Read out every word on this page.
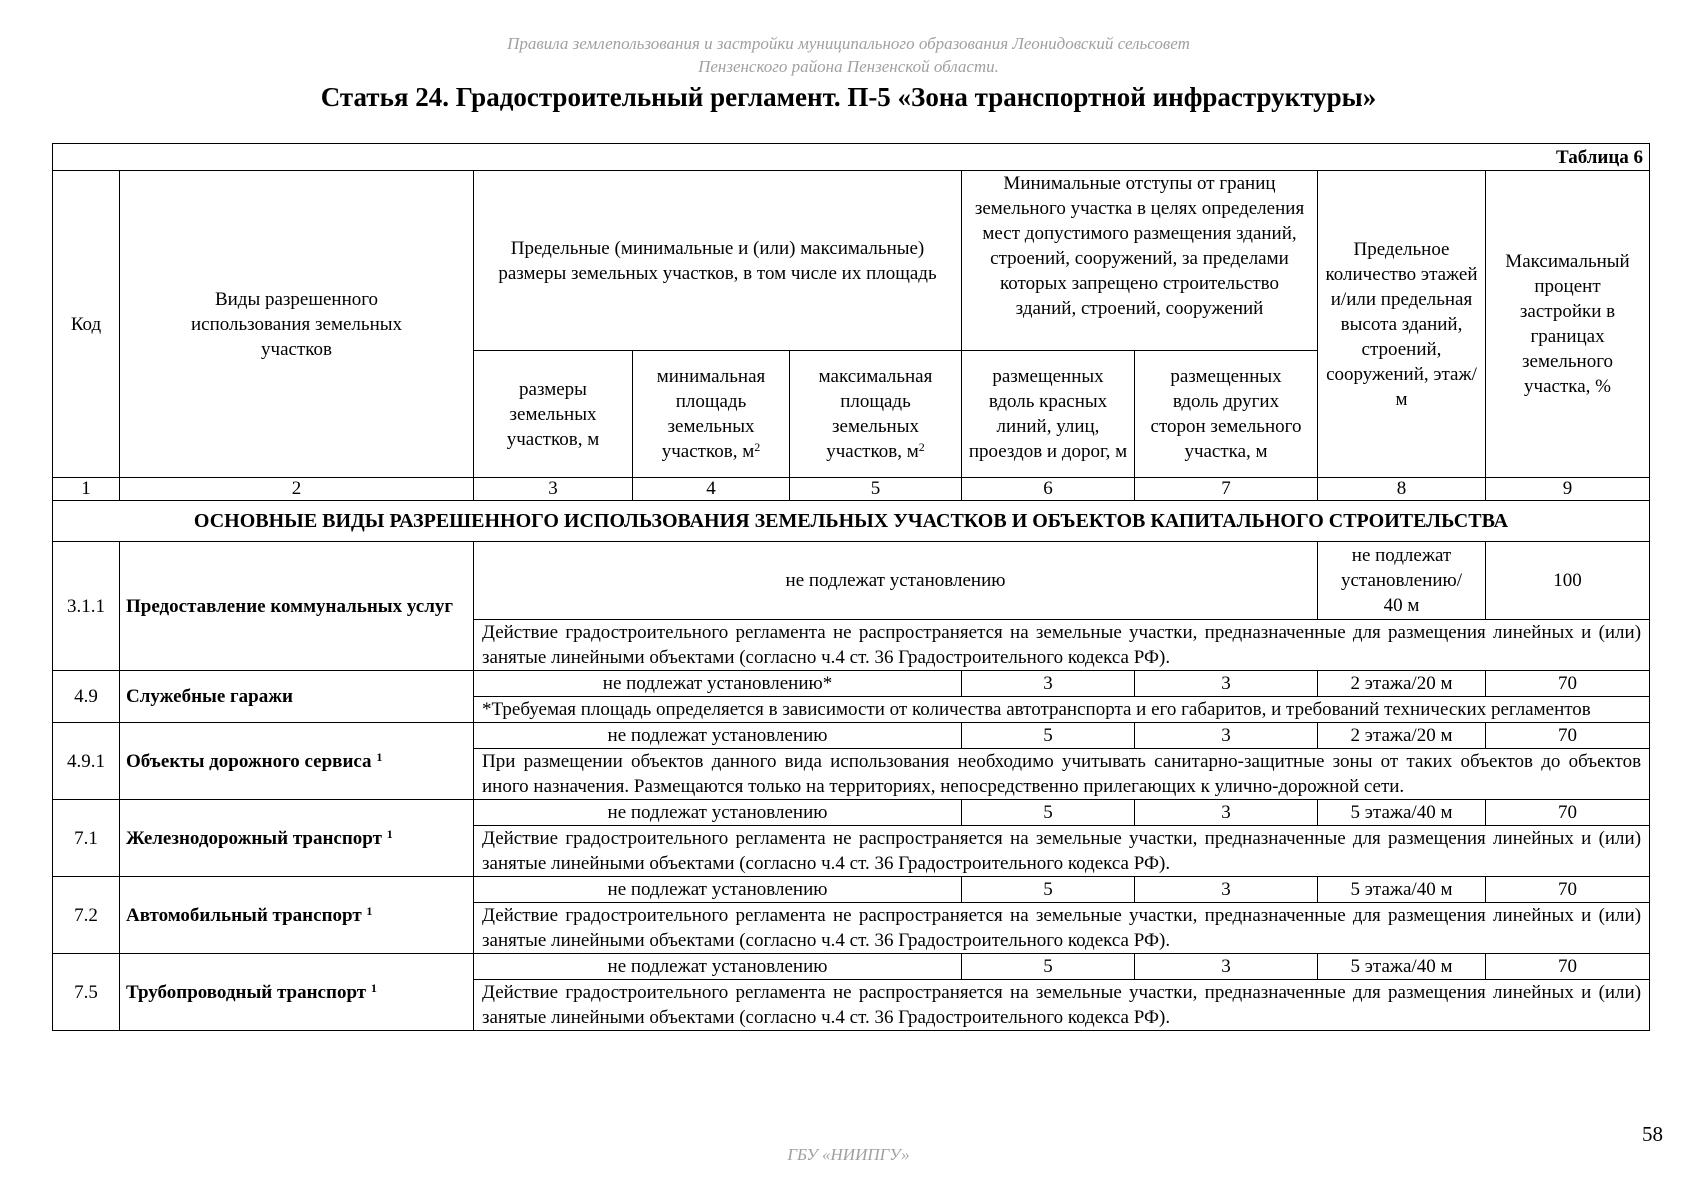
Правила землепользования и застройки муниципального образования Леонидовский сельсовет
Пензенского района Пензенской области.
Статья 24. Градостроительный регламент. П-5 «Зона транспортной инфраструктуры»
Таблица 6								
Код	Виды разрешенного использования земельных участков	Предельные (минимальные и (или) максимальные) размеры земельных участков, в том числе их площадь			Минимальные отступы от границ земельного участка в целях определения мест допустимого размещения зданий, строений, сооружений, за пределами которых запрещено строительство зданий, строений, сооружений		Предельное количество этажей и/или предельная высота зданий, строений, сооружений, этаж/м	Максимальный процент застройки в границах земельного участка, %
		размеры земельных участков, м	минимальная площадь земельных участков, $м^2$	максимальная площадь земельных участков, $м^2$	размещенных вдоль красных линий, улиц, проездов и дорог, м	размещенных вдоль других сторон земельного участка, м		
1	2	3	4	5	6	7	8	9
ОСНОВНЫЕ ВИДЫ РАЗРЕШЕННОГО ИСПОЛЬЗОВАНИЯ ЗЕМЕЛЬНЫХ УЧАСТКОВ И ОБЪЕКТОВ КАПИТАЛЬНОГО СТРОИТЕЛЬСТВА								
3.1.1	Предоставление коммунальных услуг	не подлежат установлению					не подлежат установлению/ 40 м	100
		Действие градостроительного регламента не распространяется на земельные участки, предназначенные для размещения линейных и (или) занятые линейными объектами (согласно ч.4 ст. 36 Градостроительного кодекса РФ).						
4.9	Служебные гаражи	не подлежат установлению*			3	3	2 этажа/20 м	70
		*Требуемая площадь определяется в зависимости от количества автотранспорта и его габаритов, и требований технических регламентов						
4.9.1	Объекты дорожного сервиса $^1$	не подлежат установлению			5	3	2 этажа/20 м	70
		При размещении объектов данного вида использования необходимо учитывать санитарно-защитные зоны от таких объектов до объектов иного назначения. Размещаются только на территориях, непосредственно прилегающих к улично-дорожной сети.						
7.1	Железнодорожный транспорт $^1$	не подлежат установлению			5	3	5 этажа/40 м	70
		Действие градостроительного регламента не распространяется на земельные участки, предназначенные для размещения линейных и (или) занятые линейными объектами (согласно ч.4 ст. 36 Градостроительного кодекса РФ).						
7.2	Автомобильный транспорт $^1$	не подлежат установлению			5	3	5 этажа/40 м	70
		Действие градостроительного регламента не распространяется на земельные участки, предназначенные для размещения линейных и (или) занятые линейными объектами (согласно ч.4 ст. 36 Градостроительного кодекса РФ).						
7.5	Трубопроводный транспорт $^1$	не подлежат установлению			5	3	5 этажа/40 м	70
		Действие градостроительного регламента не распространяется на земельные участки, предназначенные для размещения линейных и (или) занятые линейными объектами (согласно ч.4 ст. 36 Градостроительного кодекса РФ).						
58
ГБУ «НИИПГУ»
